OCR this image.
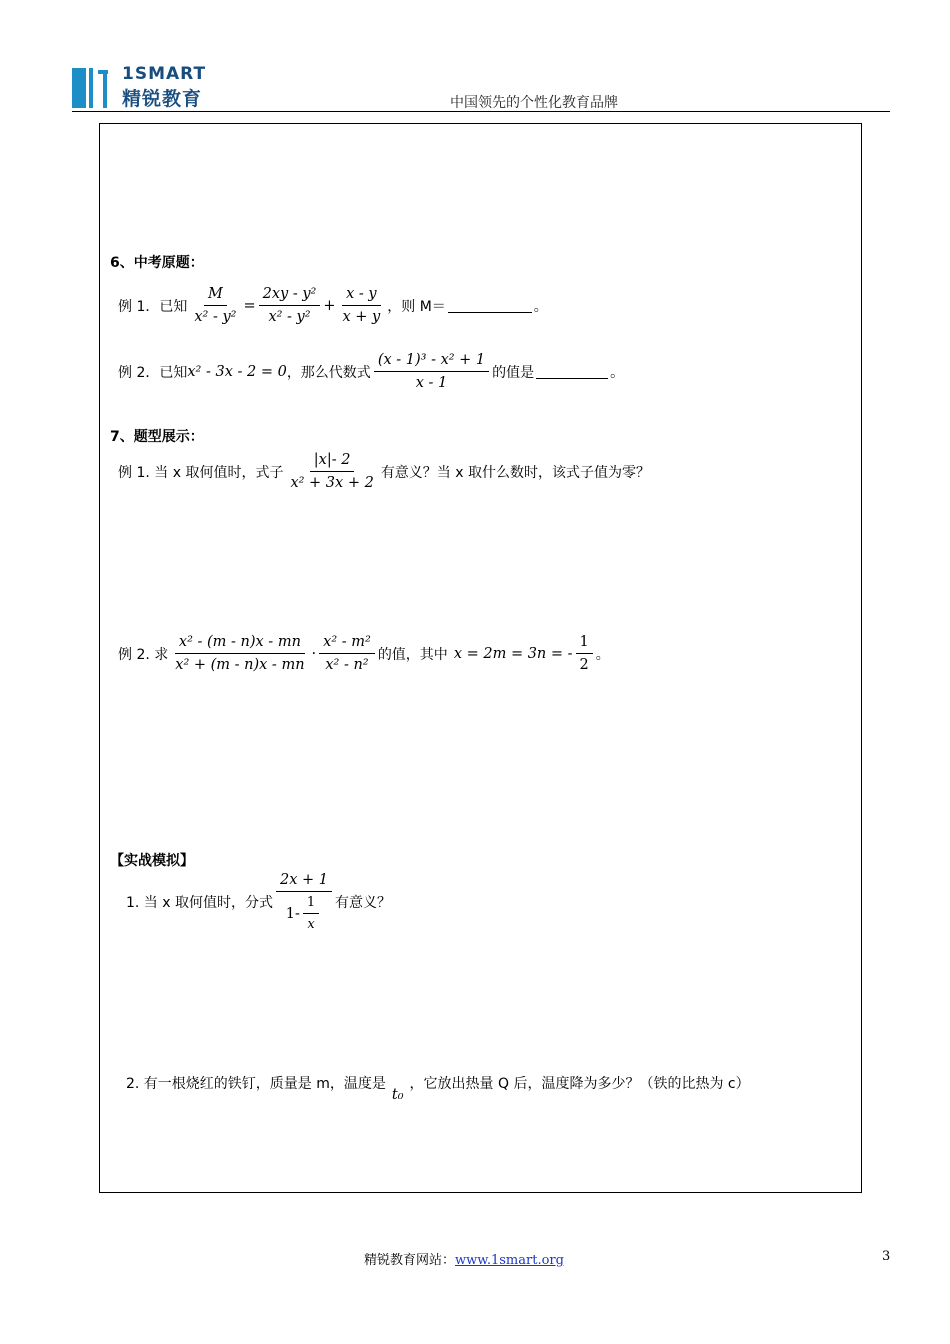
1SMART
精锐教育	中国领先的个性化教育品牌
6、中考原题：
例 1．已知 $\frac{M}{\text{x² - y²}} = \frac{\text{2xy - y²}}{\text{x² - y²}} + \frac{x - y}{x + y}$ ，则 M＝	。
例 2．已知 x² - 3x - 2 = 0 ，那么代数式 $\frac{\text{(x - 1)³ - x² + 1}}{x - 1}$ 的值是	。
7、题型展示：
例 1. 当 x 取何值时，式子 $\frac{|x|- 2}{\text{x² + 3x + 2}}$ 有意义？当 x 取什么数时，该式子值为零？
例 2. 求 $\frac{\text{x² - (m - n)x - mn}}{\text{x² + (m - n)x - mn}} \cdot \frac{\text{x² - m²}}{\text{x² - n²}}$ 的值，其中 x = 2m = 3n = - $\frac{1}{2}$ 。
【实战模拟】
1. 当 x 取何值时，分式 $\frac{2x + 1}{1- \frac{1}{x}}$ 有意义？
2. 有一根烧红的铁钉，质量是 m，温度是
t₀
，它放出热量 Q 后，温度降为多少？（铁的比热为 c）
精锐教育网站：www.1smart.org	3
